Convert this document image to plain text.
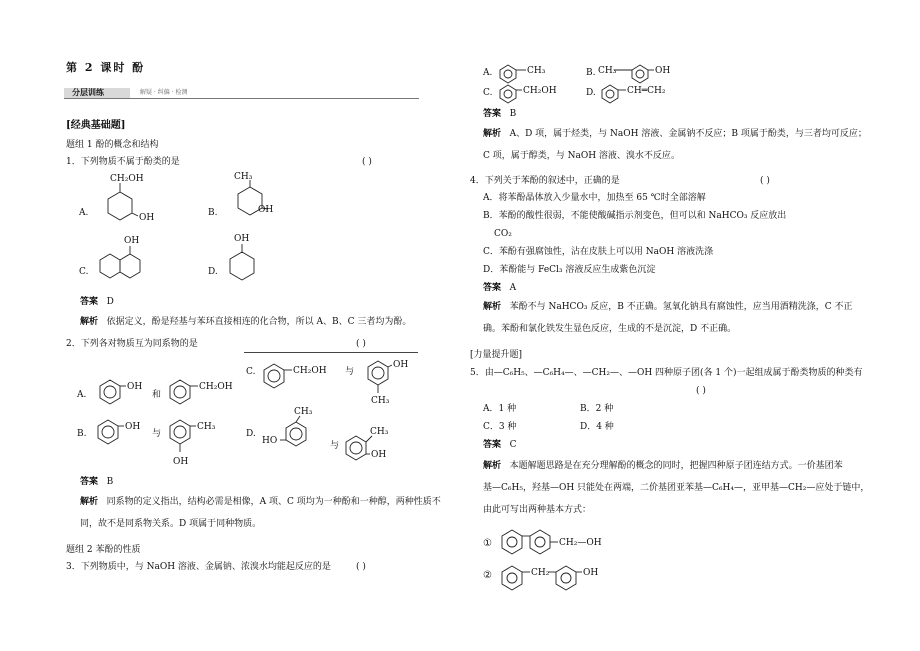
第 2 课时 酚
分层训练	解疑 · 纠偏 · 检测
[经典基础题]
题组 1 酚的概念和结构
1．下列物质不属于酚类的是	( )
A.
CH₂OH
OH	B.
CH₃
OH
C.
OH
D.
OH
答案 D
解析 依据定义，酚是羟基与苯环直接相连的化合物，所以 A、B、C 三者均为酚。
2．下列各对物质互为同系物的是	( )
A.
OH
和
CH₂OH
C.	CH₂OH 与
OH
CH₃
B.
OH
与
CH₃
OH
D.
CH₃
HO	与
CH₃
OH
答案 B
解析 同系物的定义指出，结构必需是相像，A 项、C 项均为一种酚和一种醇，两种性质不
同，故不是同系物关系。D 项属于同种物质。
题组 2 苯酚的性质
3．下列物质中，与 NaOH 溶液、金属钠、浓溴水均能起反应的是	( )
A.	CH₃	B. CH₃	OH
C.	CH₂OH	D.	CH═CH₂
答案 B
解析 A、D 项，属于烃类，与 NaOH 溶液、金属钠不反应；B 项属于酚类，与三者均可反应；
C 项，属于醇类，与 NaOH 溶液、溴水不反应。
4．下列关于苯酚的叙述中，正确的是	( )
A．将苯酚晶体放入少量水中，加热至 65 ℃时全部溶解
B．苯酚的酸性很弱，不能使酸碱指示剂变色，但可以和 NaHCO₃ 反应放出
CO₂
C．苯酚有强腐蚀性，沾在皮肤上可以用 NaOH 溶液洗涤
D．苯酚能与 FeCl₃ 溶液反应生成紫色沉淀
答案 A
解析 苯酚不与 NaHCO₃ 反应，B 不正确。氢氧化钠具有腐蚀性，应当用酒精洗涤，C 不正
确。苯酚和氯化铁发生显色反应，生成的不是沉淀，D 不正确。
[力量提升题]
5．由—C₆H₅、—C₆H₄—、—CH₂—、—OH 四种原子团(各 1 个)一起组成属于酚类物质的种类有
( )
A．1 种	B．2 种
C．3 种	D．4 种
答案 C
解析 本题解题思路是在充分理解酚的概念的同时，把握四种原子团连结方式。一价基团苯
基—C₆H₅，羟基—OH 只能处在两端，二价基团亚苯基—C₆H₄—，亚甲基—CH₂—应处于链中，
由此可写出两种基本方式：
①	CH₂—OH
②	CH₂	OH
